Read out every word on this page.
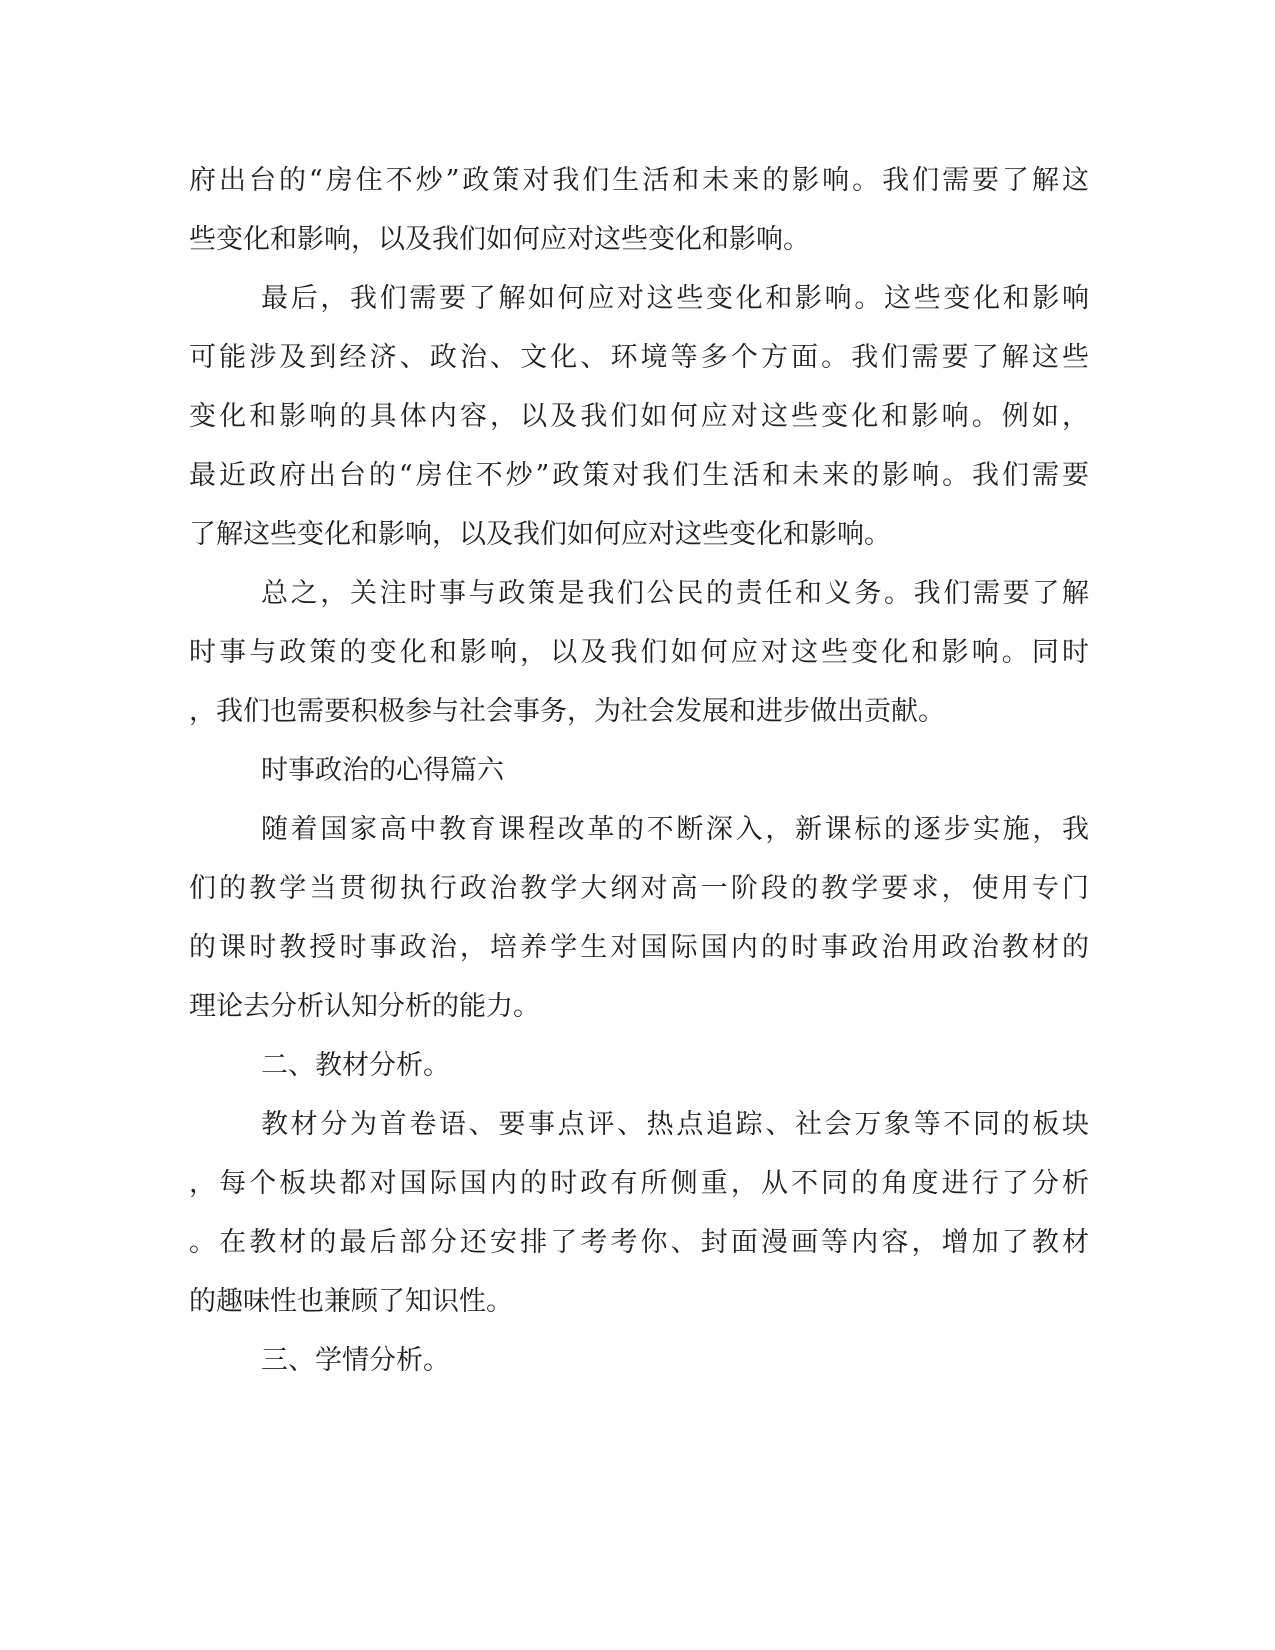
府出台的“房住不炒”政策对我们生活和未来的影响。我们需要了解这
些变化和影响，以及我们如何应对这些变化和影响。
最后，我们需要了解如何应对这些变化和影响。这些变化和影响
可能涉及到经济、政治、文化、环境等多个方面。我们需要了解这些
变化和影响的具体内容，以及我们如何应对这些变化和影响。例如，
最近政府出台的“房住不炒”政策对我们生活和未来的影响。我们需要
了解这些变化和影响，以及我们如何应对这些变化和影响。
总之，关注时事与政策是我们公民的责任和义务。我们需要了解
时事与政策的变化和影响，以及我们如何应对这些变化和影响。同时
，我们也需要积极参与社会事务，为社会发展和进步做出贡献。
时事政治的心得篇六
随着国家高中教育课程改革的不断深入，新课标的逐步实施，我
们的教学当贯彻执行政治教学大纲对高一阶段的教学要求，使用专门
的课时教授时事政治，培养学生对国际国内的时事政治用政治教材的
理论去分析认知分析的能力。
二、教材分析。
教材分为首卷语、要事点评、热点追踪、社会万象等不同的板块
，每个板块都对国际国内的时政有所侧重，从不同的角度进行了分析
。在教材的最后部分还安排了考考你、封面漫画等内容，增加了教材
的趣味性也兼顾了知识性。
三、学情分析。
